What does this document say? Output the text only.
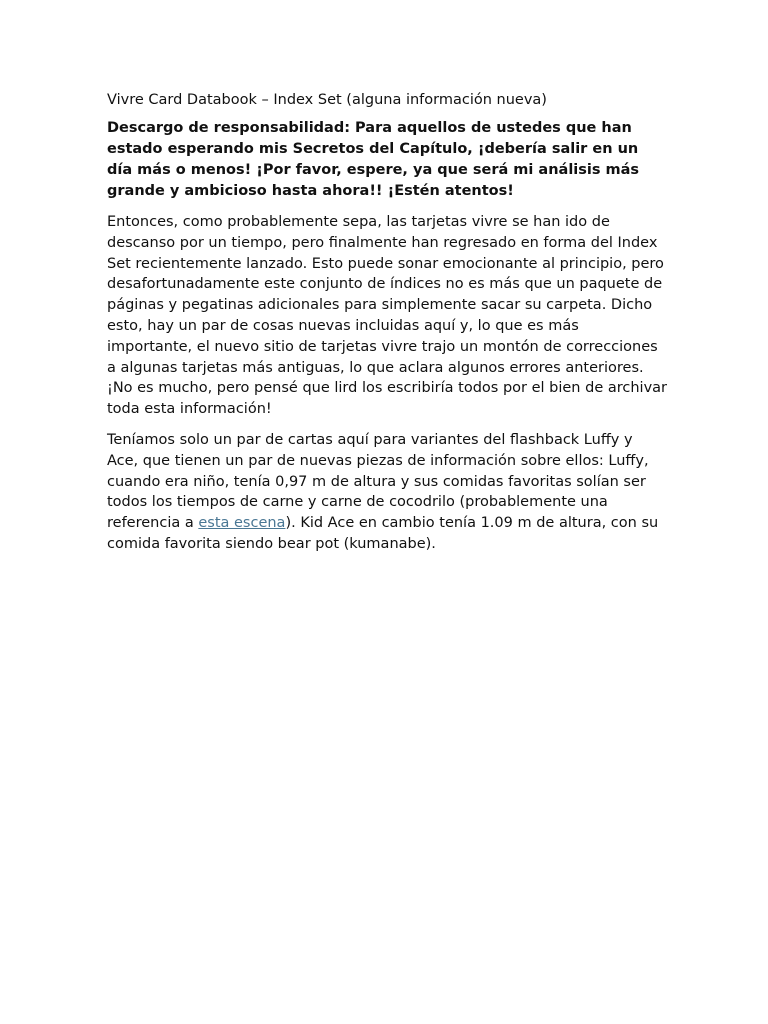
Vivre Card Databook – Index Set (alguna información nueva)

Descargo de responsabilidad: Para aquellos de ustedes que han estado esperando mis Secretos del Capítulo, ¡debería salir en un día más o menos! ¡Por favor, espere, ya que será mi análisis más grande y ambicioso hasta ahora!! ¡Estén atentos!

Entonces, como probablemente sepa, las tarjetas vivre se han ido de descanso por un tiempo, pero finalmente han regresado en forma del Index Set recientemente lanzado. Esto puede sonar emocionante al principio, pero desafortunadamente este conjunto de índices no es más que un paquete de páginas y pegatinas adicionales para simplemente sacar su carpeta. Dicho esto, hay un par de cosas nuevas incluidas aquí y, lo que es más importante, el nuevo sitio de tarjetas vivre trajo un montón de correcciones a algunas tarjetas más antiguas, lo que aclara algunos errores anteriores. ¡No es mucho, pero pensé que lird los escribiría todos por el bien de archivar toda esta información!

Teníamos solo un par de cartas aquí para variantes del flashback Luffy y Ace, que tienen un par de nuevas piezas de información sobre ellos: Luffy, cuando era niño, tenía 0,97 m de altura y sus comidas favoritas solían ser todos los tiempos de carne y carne de cocodrilo (probablemente una referencia a esta escena). Kid Ace en cambio tenía 1.09 m de altura, con su comida favorita siendo bear pot (kumanabe).
